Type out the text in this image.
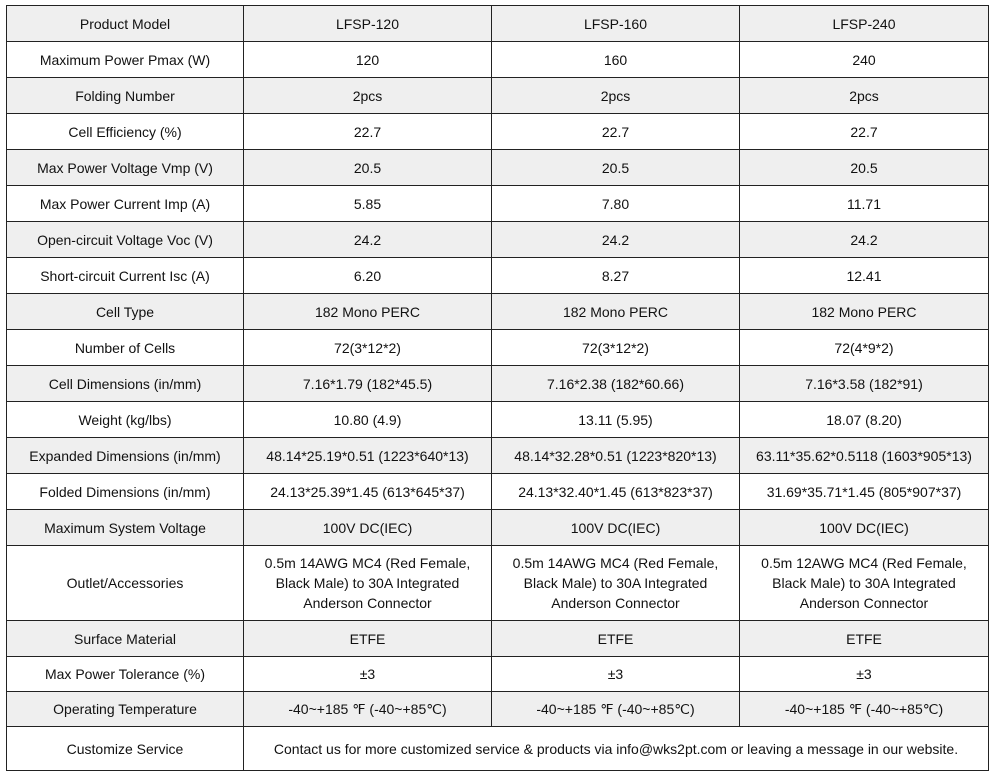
Product Model	LFSP-120	LFSP-160	LFSP-240
Maximum Power Pmax (W)	120	160	240
Folding Number	2pcs	2pcs	2pcs
Cell Efficiency (%)	22.7	22.7	22.7
Max Power Voltage Vmp (V)	20.5	20.5	20.5
Max Power Current Imp (A)	5.85	7.80	11.71
Open-circuit Voltage Voc (V)	24.2	24.2	24.2
Short-circuit Current Isc (A)	6.20	8.27	12.41
Cell Type	182 Mono PERC	182 Mono PERC	182 Mono PERC
Number of Cells	72(3*12*2)	72(3*12*2)	72(4*9*2)
Cell Dimensions (in/mm)	7.16*1.79 (182*45.5)	7.16*2.38 (182*60.66)	7.16*3.58 (182*91)
Weight (kg/lbs)	10.80 (4.9)	13.11 (5.95)	18.07 (8.20)
Expanded Dimensions (in/mm)	48.14*25.19*0.51 (1223*640*13)	48.14*32.28*0.51 (1223*820*13)	63.11*35.62*0.5118 (1603*905*13)
Folded Dimensions (in/mm)	24.13*25.39*1.45 (613*645*37)	24.13*32.40*1.45 (613*823*37)	31.69*35.71*1.45 (805*907*37)
Maximum System Voltage	100V DC(IEC)	100V DC(IEC)	100V DC(IEC)
Outlet/Accessories	0.5m 14AWG MC4 (Red Female, Black Male) to 30A Integrated Anderson Connector	0.5m 14AWG MC4 (Red Female, Black Male) to 30A Integrated Anderson Connector	0.5m 12AWG MC4 (Red Female, Black Male) to 30A Integrated Anderson Connector
Surface Material	ETFE	ETFE	ETFE
Max Power Tolerance (%)	±3	±3	±3
Operating Temperature	-40~+185 ℉ (-40~+85℃)	-40~+185 ℉ (-40~+85℃)	-40~+185 ℉ (-40~+85℃)
Customize Service	Contact us for more customized service & products via info@wks2pt.com or leaving a message in our website.		
